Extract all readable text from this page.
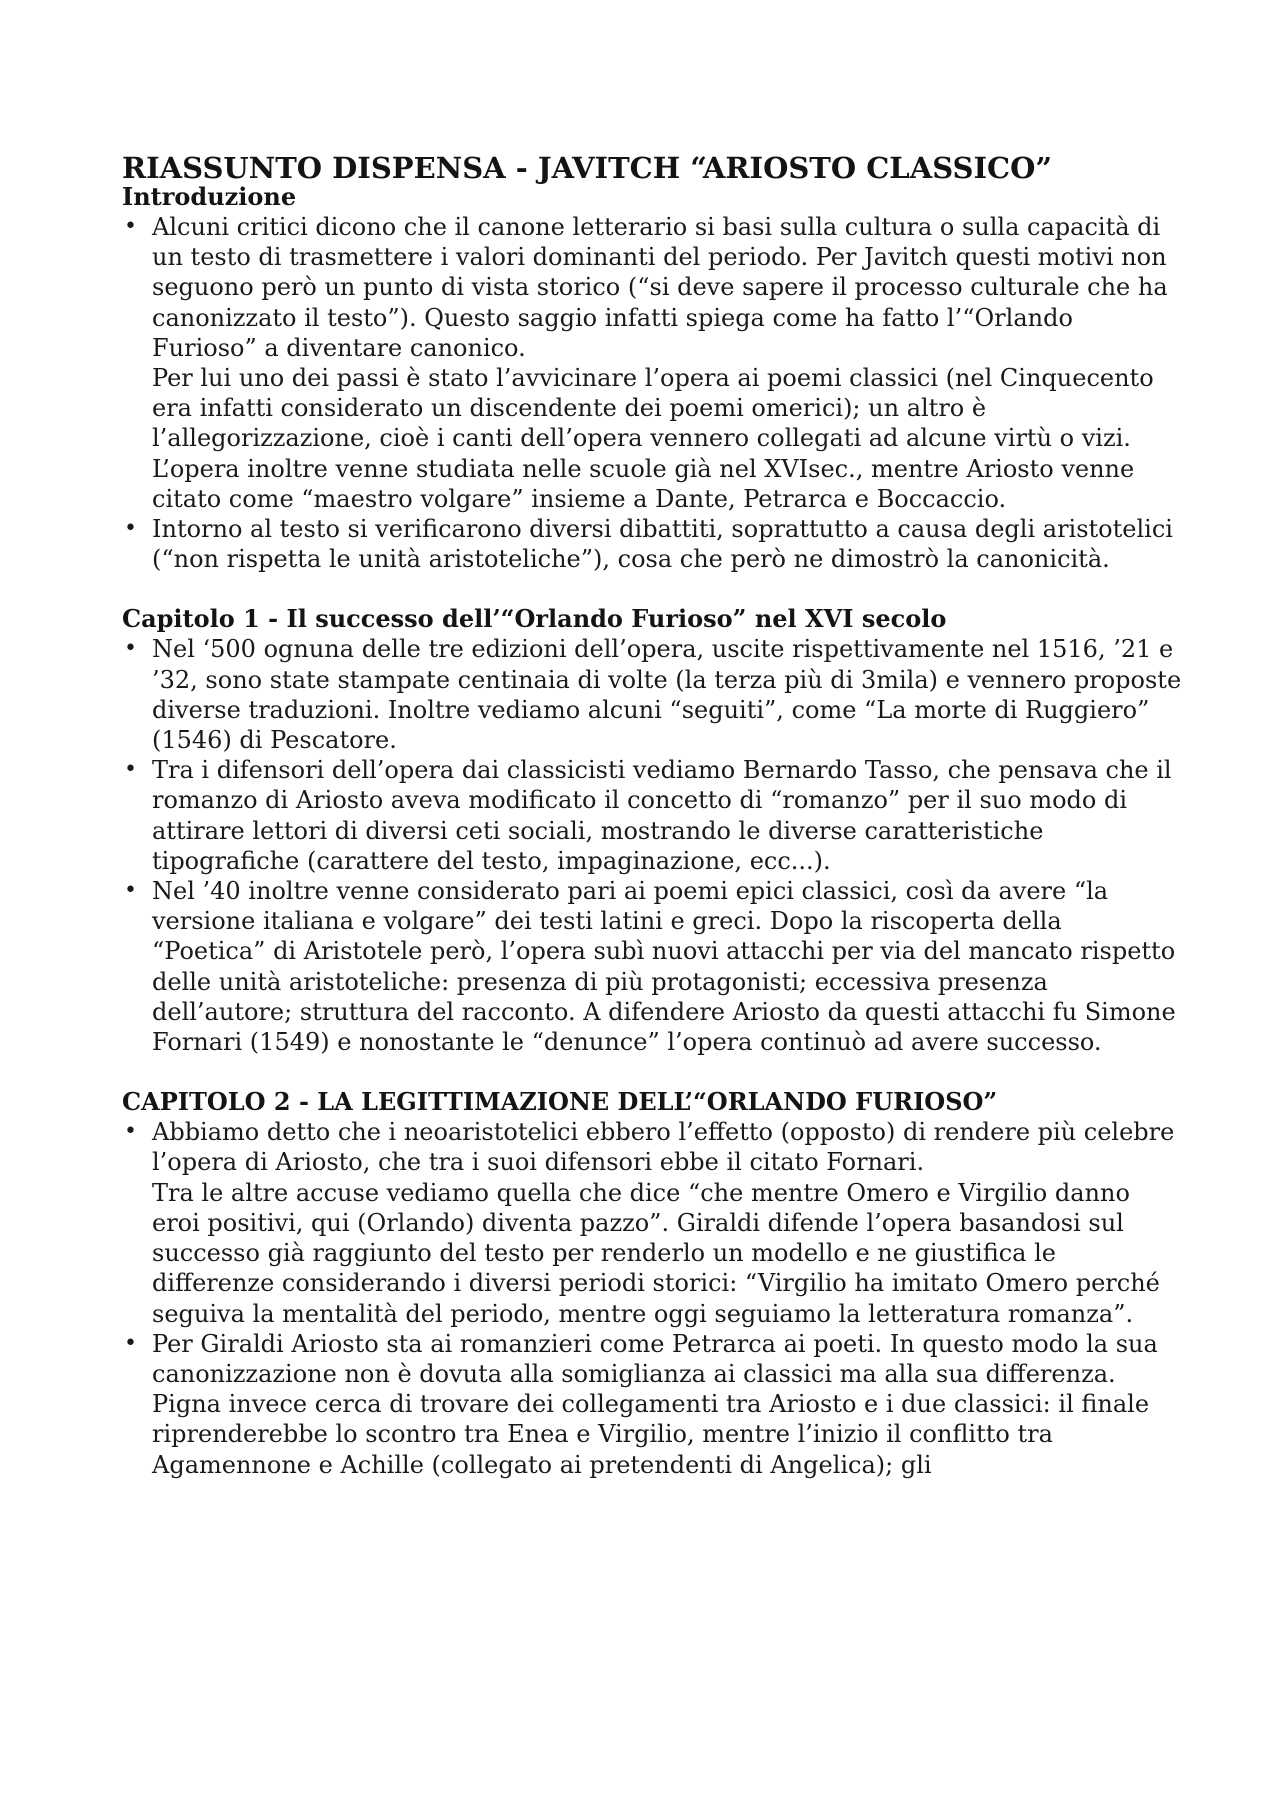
RIASSUNTO DISPENSA - JAVITCH “ARIOSTO CLASSICO”
Introduzione

• Alcuni critici dicono che il canone letterario si basi sulla cultura o sulla capacità di un testo di trasmettere i valori dominanti del periodo. Per Javitch questi motivi non seguono però un punto di vista storico (“si deve sapere il processo culturale che ha canonizzato il testo”). Questo saggio infatti spiega come ha fatto l’“Orlando Furioso” a diventare canonico.

Per lui uno dei passi è stato l’avvicinare l’opera ai poemi classici (nel Cinquecento era infatti considerato un discendente dei poemi omerici); un altro è l’allegorizzazione, cioè i canti dell’opera vennero collegati ad alcune virtù o vizi. L’opera inoltre venne studiata nelle scuole già nel XVIsec., mentre Ariosto venne citato come “maestro volgare” insieme a Dante, Petrarca e Boccaccio.

• Intorno al testo si verificarono diversi dibattiti, soprattutto a causa degli aristotelici (“non rispetta le unità aristoteliche”), cosa che però ne dimostrò la canonicità.

Capitolo 1 - Il successo dell’“Orlando Furioso” nel XVI secolo

• Nel ‘500 ognuna delle tre edizioni dell’opera, uscite rispettivamente nel 1516, ’21 e ’32, sono state stampate centinaia di volte (la terza più di 3mila) e vennero proposte diverse traduzioni. Inoltre vediamo alcuni “seguiti”, come “La morte di Ruggiero” (1546) di Pescatore.

• Tra i difensori dell’opera dai classicisti vediamo Bernardo Tasso, che pensava che il romanzo di Ariosto aveva modificato il concetto di “romanzo” per il suo modo di attirare lettori di diversi ceti sociali, mostrando le diverse caratteristiche tipografiche (carattere del testo, impaginazione, ecc...).

• Nel ’40 inoltre venne considerato pari ai poemi epici classici, così da avere “la versione italiana e volgare” dei testi latini e greci. Dopo la riscoperta della “Poetica” di Aristotele però, l’opera subì nuovi attacchi per via del mancato rispetto delle unità aristoteliche: presenza di più protagonisti; eccessiva presenza dell’autore; struttura del racconto. A difendere Ariosto da questi attacchi fu Simone Fornari (1549) e nonostante le “denunce” l’opera continuò ad avere successo.

CAPITOLO 2 - LA LEGITTIMAZIONE DELL’“ORLANDO FURIOSO”

• Abbiamo detto che i neoaristotelici ebbero l’effetto (opposto) di rendere più celebre l’opera di Ariosto, che tra i suoi difensori ebbe il citato Fornari.

Tra le altre accuse vediamo quella che dice “che mentre Omero e Virgilio danno eroi positivi, qui (Orlando) diventa pazzo”. Giraldi difende l’opera basandosi sul successo già raggiunto del testo per renderlo un modello e ne giustifica le differenze considerando i diversi periodi storici: “Virgilio ha imitato Omero perché seguiva la mentalità del periodo, mentre oggi seguiamo la letteratura romanza”.

• Per Giraldi Ariosto sta ai romanzieri come Petrarca ai poeti. In questo modo la sua canonizzazione non è dovuta alla somiglianza ai classici ma alla sua differenza.

Pigna invece cerca di trovare dei collegamenti tra Ariosto e i due classici: il finale riprenderebbe lo scontro tra Enea e Virgilio, mentre l’inizio il conflitto tra Agamennone e Achille (collegato ai pretendenti di Angelica); gli
